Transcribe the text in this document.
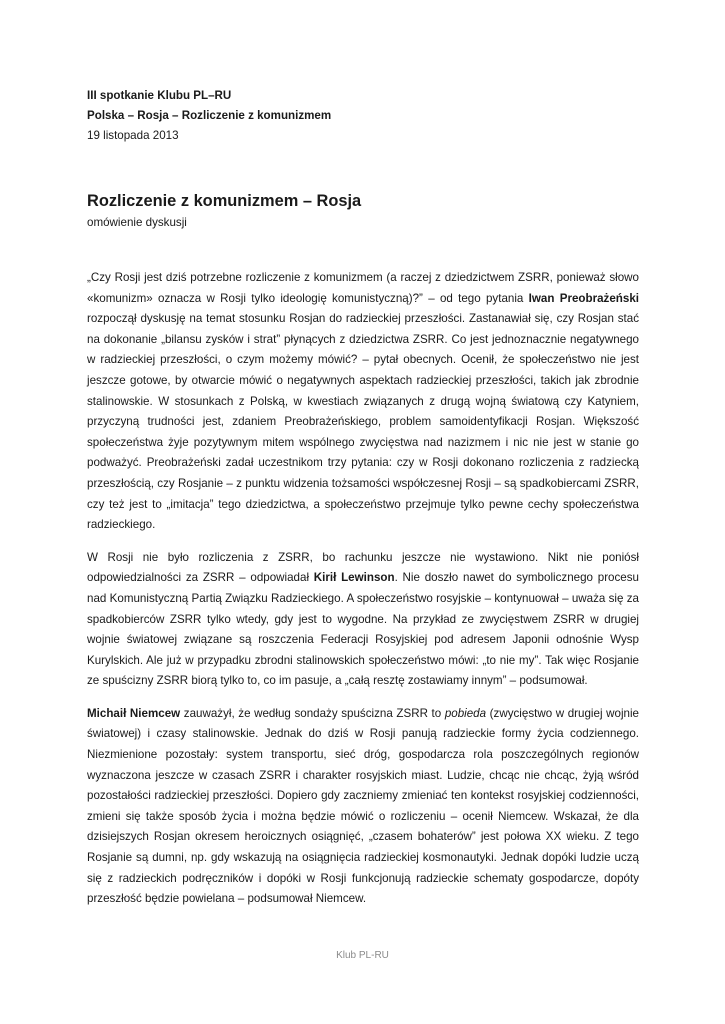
III spotkanie Klubu PL–RU
Polska – Rosja – Rozliczenie z komunizmem
19 listopada 2013
Rozliczenie z komunizmem – Rosja

omówienie dyskusji

„Czy Rosji jest dziś potrzebne rozliczenie z komunizmem (a raczej z dziedzictwem ZSRR, ponieważ słowo «komunizm» oznacza w Rosji tylko ideologię komunistyczną)?” – od tego pytania Iwan Preobrażeński rozpoczął dyskusję na temat stosunku Rosjan do radzieckiej przeszłości. Zastanawiał się, czy Rosjan stać na dokonanie „bilansu zysków i strat” płynących z dziedzictwa ZSRR. Co jest jednoznacznie negatywnego w radzieckiej przeszłości, o czym możemy mówić? – pytał obecnych. Ocenił, że społeczeństwo nie jest jeszcze gotowe, by otwarcie mówić o negatywnych aspektach radzieckiej przeszłości, takich jak zbrodnie stalinowskie. W stosunkach z Polską, w kwestiach związanych z drugą wojną światową czy Katyniem, przyczyną trudności jest, zdaniem Preobrażeńskiego, problem samoidentyfikacji Rosjan. Większość społeczeństwa żyje pozytywnym mitem wspólnego zwycięstwa nad nazizmem i nic nie jest w stanie go podważyć. Preobrażeński zadał uczestnikom trzy pytania: czy w Rosji dokonano rozliczenia z radziecką przeszłością, czy Rosjanie – z punktu widzenia tożsamości współczesnej Rosji – są spadkobiercami ZSRR, czy też jest to „imitacja” tego dziedzictwa, a społeczeństwo przejmuje tylko pewne cechy społeczeństwa radzieckiego.

W Rosji nie było rozliczenia z ZSRR, bo rachunku jeszcze nie wystawiono. Nikt nie poniósł odpowiedzialności za ZSRR – odpowiadał Kirił Lewinson. Nie doszło nawet do symbolicznego procesu nad Komunistyczną Partią Związku Radzieckiego. A społeczeństwo rosyjskie – kontynuował – uważa się za spadkobierców ZSRR tylko wtedy, gdy jest to wygodne. Na przykład ze zwycięstwem ZSRR w drugiej wojnie światowej związane są roszczenia Federacji Rosyjskiej pod adresem Japonii odnośnie Wysp Kurylskich. Ale już w przypadku zbrodni stalinowskich społeczeństwo mówi: „to nie my”. Tak więc Rosjanie ze spuścizny ZSRR biorą tylko to, co im pasuje, a „całą resztę zostawiamy innym” – podsumował.

Michaił Niemcew zauważył, że według sondaży spuścizna ZSRR to pobieda (zwycięstwo w drugiej wojnie światowej) i czasy stalinowskie. Jednak do dziś w Rosji panują radzieckie formy życia codziennego. Niezmienione pozostały: system transportu, sieć dróg, gospodarcza rola poszczególnych regionów wyznaczona jeszcze w czasach ZSRR i charakter rosyjskich miast. Ludzie, chcąc nie chcąc, żyją wśród pozostałości radzieckiej przeszłości. Dopiero gdy zaczniemy zmieniać ten kontekst rosyjskiej codzienności, zmieni się także sposób życia i można będzie mówić o rozliczeniu – ocenił Niemcew. Wskazał, że dla dzisiejszych Rosjan okresem heroicznych osiągnięć, „czasem bohaterów” jest połowa XX wieku. Z tego Rosjanie są dumni, np. gdy wskazują na osiągnięcia radzieckiej kosmonautyki. Jednak dopóki ludzie uczą się z radzieckich podręczników i dopóki w Rosji funkcjonują radzieckie schematy gospodarcze, dopóty przeszłość będzie powielana – podsumował Niemcew.

Klub PL-RU
